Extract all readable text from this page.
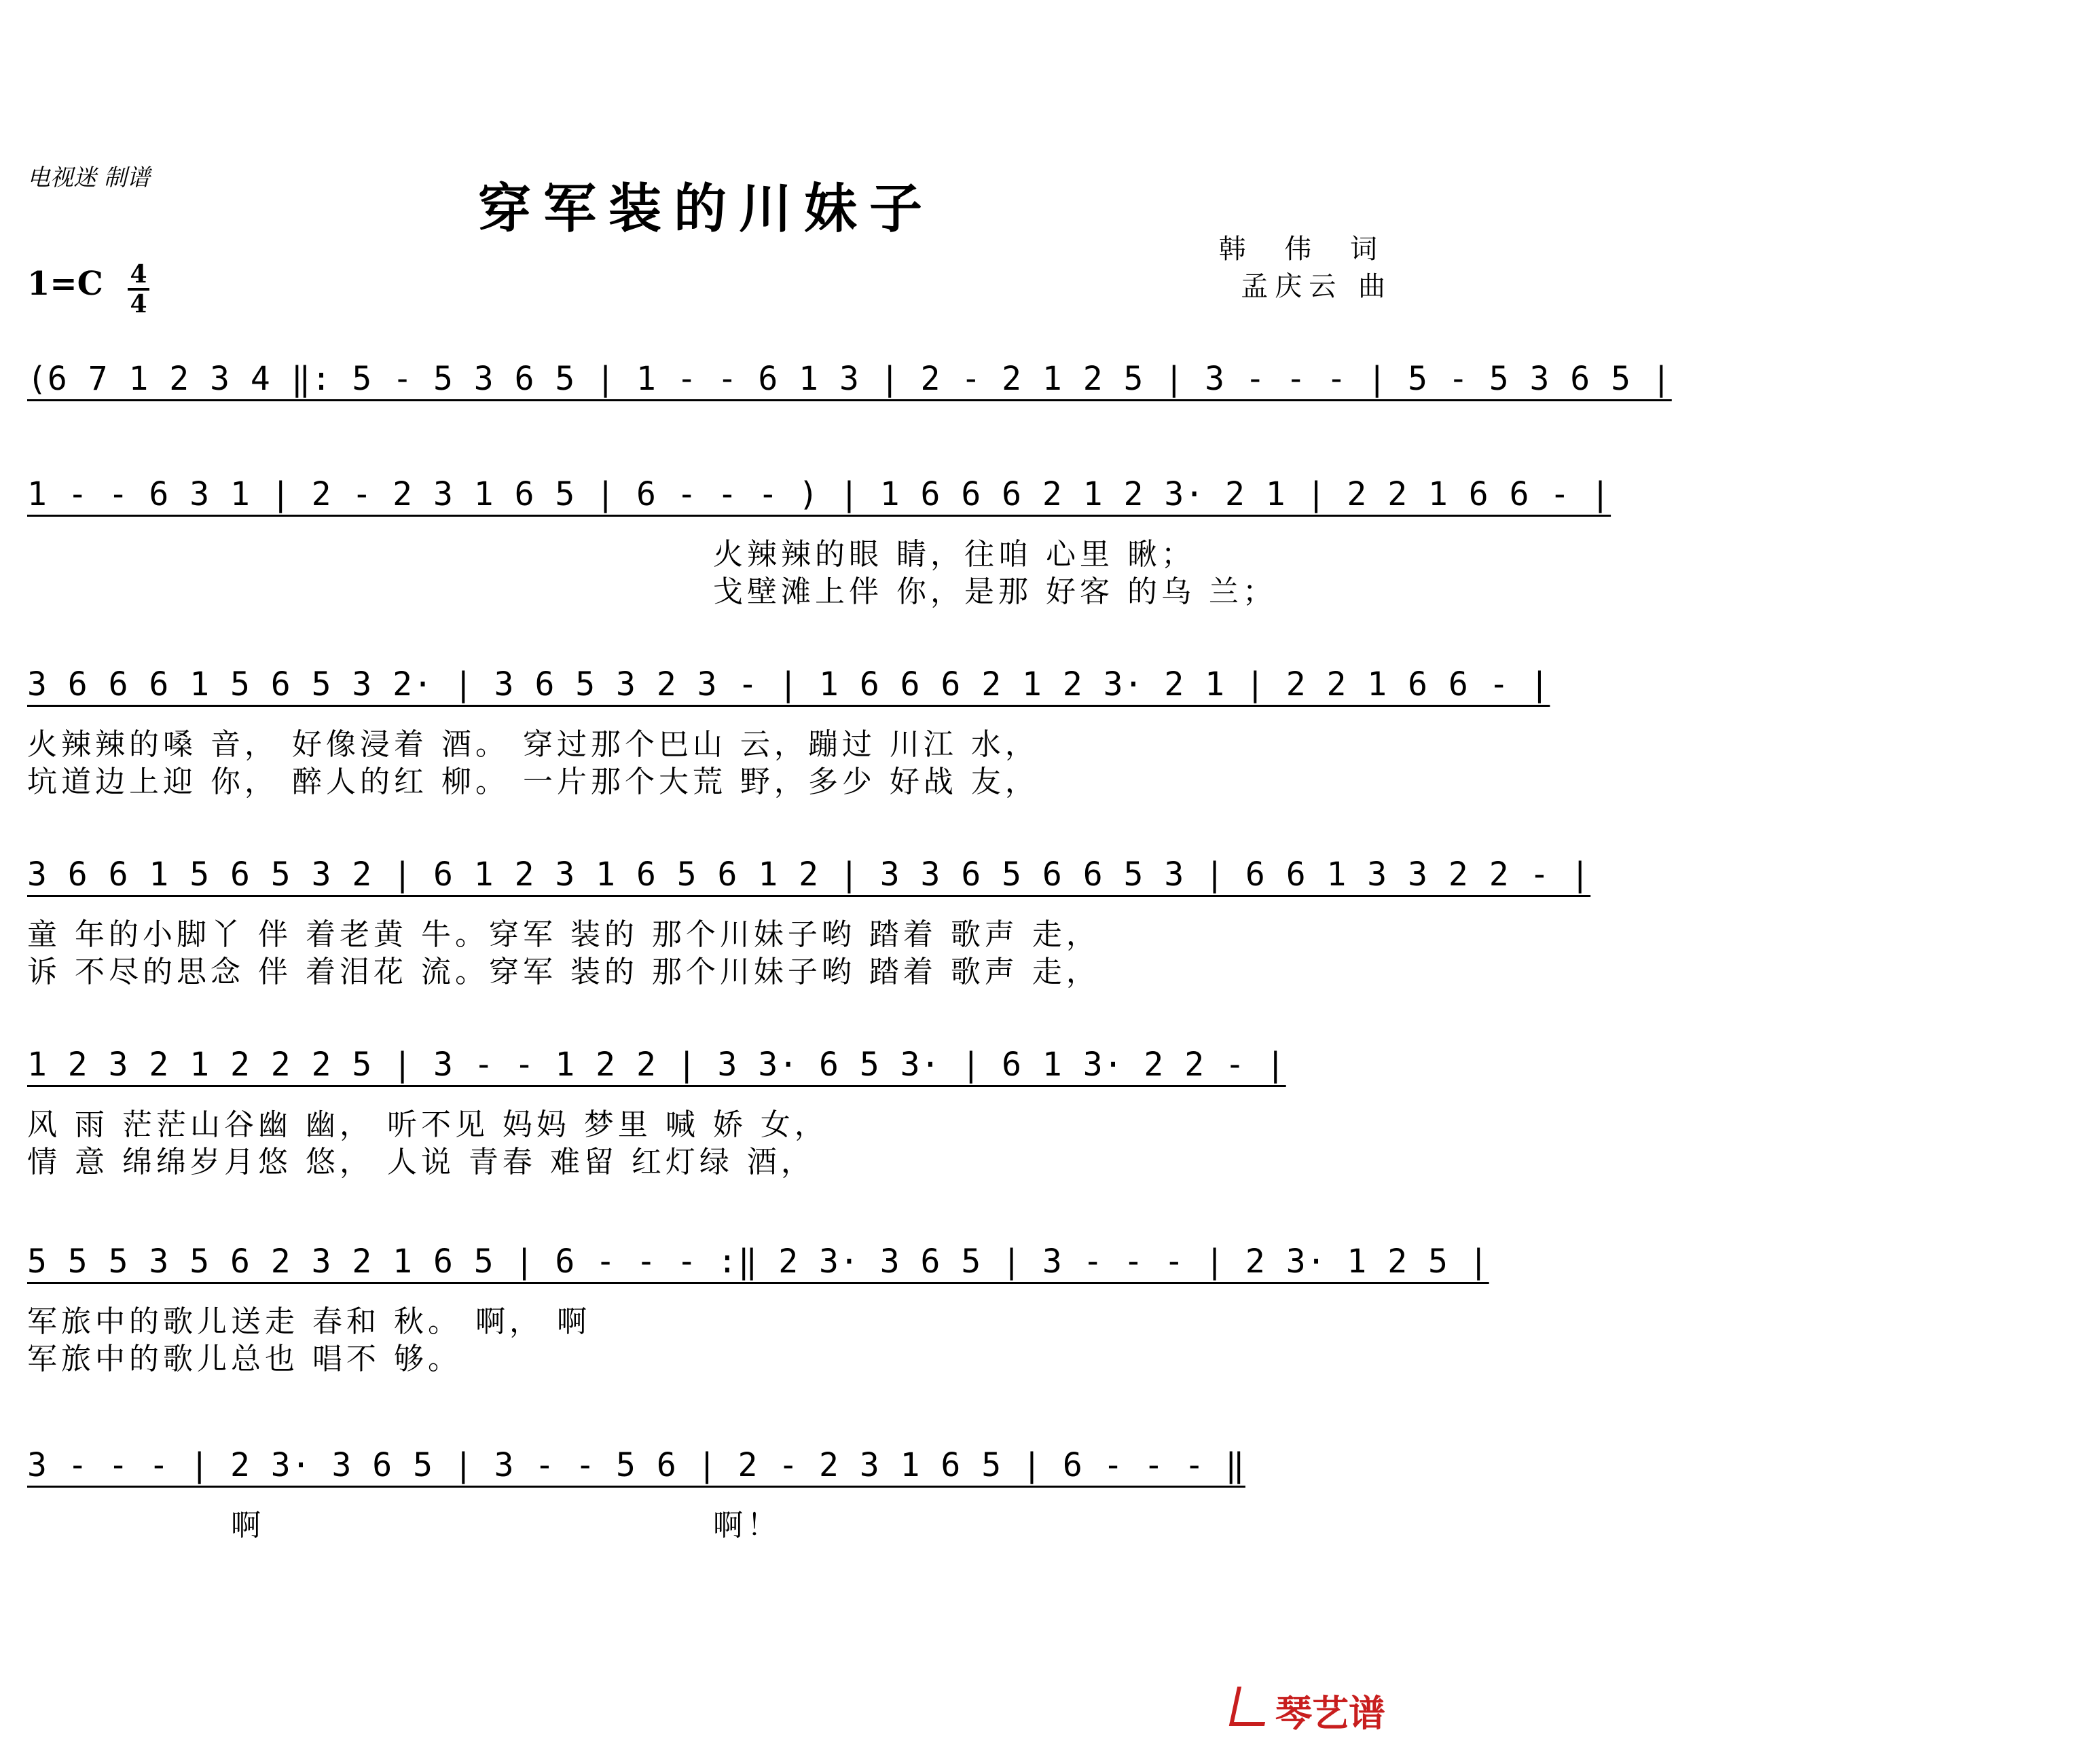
电视迷 制谱	穿军装的川妹子
韩 伟 词
孟庆云 曲
1=C 4
4
(6 7 1 2 3 4 ‖: 5 - 5 3 6 5 | 1 - - 6 1 3 | 2 - 2 1 2 5 | 3 - - - | 5 - 5 3 6 5 |
1 - - 6 3 1 | 2 - 2 3 1 6 5 | 6 - - - ) | 1 6 6 6 2 1 2 3· 2 1 | 2 2 1 6 6 - |
火辣辣的眼 睛，往咱 心里 瞅；
戈壁滩上伴 你，是那 好客 的乌 兰；
3 6 6 6 1 5 6 5 3 2· | 3 6 5 3 2 3 - | 1 6 6 6 2 1 2 3· 2 1 | 2 2 1 6 6 - |
火辣辣的嗓 音， 好像浸着 酒。 穿过那个巴山 云，蹦过 川江 水，
坑道边上迎 你， 醉人的红 柳。 一片那个大荒 野，多少 好战 友，
3 6 6 1 5 6 5 3 2 | 6 1 2 3 1 6 5 6 1 2 | 3 3 6 5 6 6 5 3 | 6 6 1 3 3 2 2 - |
童 年的小脚丫 伴 着老黄 牛。穿军 装的 那个川妹子哟 踏着 歌声 走，
诉 不尽的思念 伴 着泪花 流。穿军 装的 那个川妹子哟 踏着 歌声 走，
1 2 3 2 1 2 2 2 5 | 3 - - 1 2 2 | 3 3· 6 5 3· | 6 1 3· 2 2 - |
风 雨 茫茫山谷幽 幽， 听不见 妈妈 梦里 喊 娇 女，
情 意 绵绵岁月悠 悠， 人说 青春 难留 红灯绿 酒，
5 5 5 3 5 6 2 3 2 1 6 5 | 6 - - - :‖ 2 3· 3 6 5 | 3 - - - | 2 3· 1 2 5 |
军旅中的歌儿送走 春和 秋。 啊， 啊
军旅中的歌儿总也 唱不 够。
3 - - - | 2 3· 3 6 5 | 3 - - 5 6 | 2 - 2 3 1 6 5 | 6 - - - ‖
啊 啊！
琴艺谱
